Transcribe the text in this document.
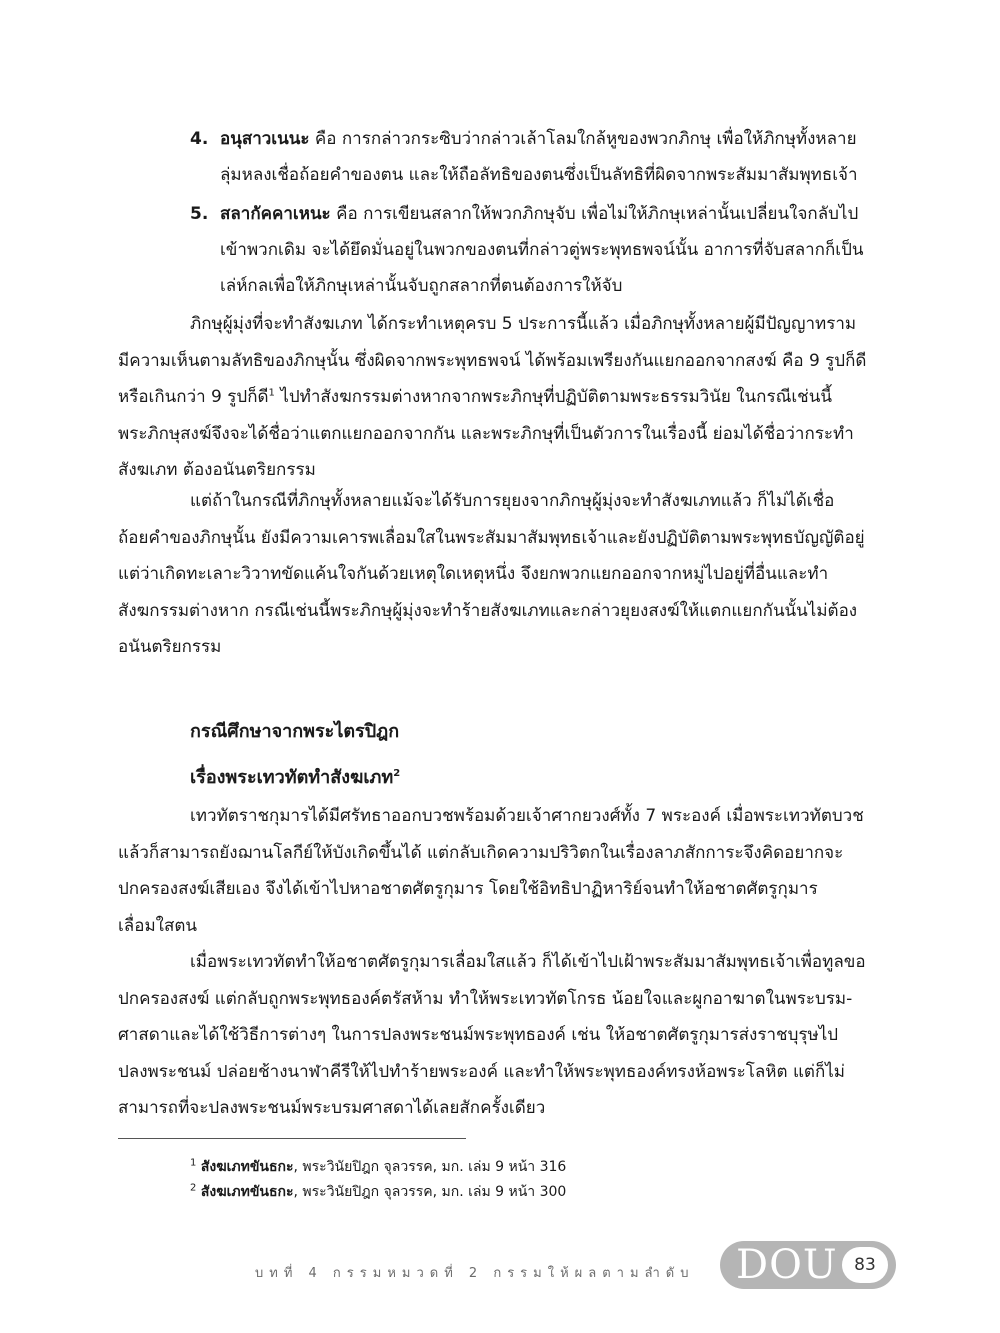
4. อนุสาวเนนะ คือ การกล่าวกระซิบว่ากล่าวเล้าโลมใกล้หูของพวกภิกษุ เพื่อให้ภิกษุทั้งหลาย
ลุ่มหลงเชื่อถ้อยคำของตน และให้ถือลัทธิของตนซึ่งเป็นลัทธิที่ผิดจากพระสัมมาสัมพุทธเจ้า
5. สลากัคคาเหนะ คือ การเขียนสลากให้พวกภิกษุจับ เพื่อไม่ให้ภิกษุเหล่านั้นเปลี่ยนใจกลับไป
เข้าพวกเดิม จะได้ยึดมั่นอยู่ในพวกของตนที่กล่าวตู่พระพุทธพจน์นั้น อาการที่จับสลากก็เป็น
เล่ห์กลเพื่อให้ภิกษุเหล่านั้นจับถูกสลากที่ตนต้องการให้จับ
ภิกษุผู้มุ่งที่จะทำสังฆเภท ได้กระทำเหตุครบ 5 ประการนี้แล้ว เมื่อภิกษุทั้งหลายผู้มีปัญญาทราม
มีความเห็นตามลัทธิของภิกษุนั้น ซึ่งผิดจากพระพุทธพจน์ ได้พร้อมเพรียงกันแยกออกจากสงฆ์ คือ 9 รูปก็ดี
หรือเกินกว่า 9 รูปก็ดี$^1$ ไปทำสังฆกรรมต่างหากจากพระภิกษุที่ปฏิบัติตามพระธรรมวินัย ในกรณีเช่นนี้
พระภิกษุสงฆ์จึงจะได้ชื่อว่าแตกแยกออกจากกัน และพระภิกษุที่เป็นตัวการในเรื่องนี้ ย่อมได้ชื่อว่ากระทำ
สังฆเภท ต้องอนันตริยกรรม
แต่ถ้าในกรณีที่ภิกษุทั้งหลายแม้จะได้รับการยุยงจากภิกษุผู้มุ่งจะทำสังฆเภทแล้ว ก็ไม่ได้เชื่อ
ถ้อยคำของภิกษุนั้น ยังมีความเคารพเลื่อมใสในพระสัมมาสัมพุทธเจ้าและยังปฏิบัติตามพระพุทธบัญญัติอยู่
แต่ว่าเกิดทะเลาะวิวาทขัดแค้นใจกันด้วยเหตุใดเหตุหนึ่ง จึงยกพวกแยกออกจากหมู่ไปอยู่ที่อื่นและทำ
สังฆกรรมต่างหาก กรณีเช่นนี้พระภิกษุผู้มุ่งจะทำร้ายสังฆเภทและกล่าวยุยงสงฆ์ให้แตกแยกกันนั้นไม่ต้อง
อนันตริยกรรม
กรณีศึกษาจากพระไตรปิฎก
เรื่องพระเทวทัตทำสังฆเภท$^2$
เทวทัตราชกุมารได้มีศรัทธาออกบวชพร้อมด้วยเจ้าศากยวงศ์ทั้ง 7 พระองค์ เมื่อพระเทวทัตบวช
แล้วก็สามารถยังฌานโลกีย์ให้บังเกิดขึ้นได้ แต่กลับเกิดความปริวิตกในเรื่องลาภสักการะจึงคิดอยากจะ
ปกครองสงฆ์เสียเอง จึงได้เข้าไปหาอชาตศัตรูกุมาร โดยใช้อิทธิปาฏิหาริย์จนทำให้อชาตศัตรูกุมาร
เลื่อมใสตน
เมื่อพระเทวทัตทำให้อชาตศัตรูกุมารเลื่อมใสแล้ว ก็ได้เข้าไปเฝ้าพระสัมมาสัมพุทธเจ้าเพื่อทูลขอ
ปกครองสงฆ์ แต่กลับถูกพระพุทธองค์ตรัสห้าม ทำให้พระเทวทัตโกรธ น้อยใจและผูกอาฆาตในพระบรม-
ศาสดาและได้ใช้วิธีการต่างๆ ในการปลงพระชนม์พระพุทธองค์ เช่น ให้อชาตศัตรูกุมารส่งราชบุรุษไป
ปลงพระชนม์ ปล่อยช้างนาฬาคีรีให้ไปทำร้ายพระองค์ และทำให้พระพุทธองค์ทรงห้อพระโลหิต แต่ก็ไม่
สามารถที่จะปลงพระชนม์พระบรมศาสดาได้เลยสักครั้งเดียว
$^1$ สังฆเภทขันธกะ, พระวินัยปิฎก จุลวรรค, มก. เล่ม 9 หน้า 316
$^2$ สังฆเภทขันธกะ, พระวินัยปิฎก จุลวรรค, มก. เล่ม 9 หน้า 300
บทที่ 4 กรรมหมวดที่ 2 กรรมให้ผลตามลำดับ DOU 83
